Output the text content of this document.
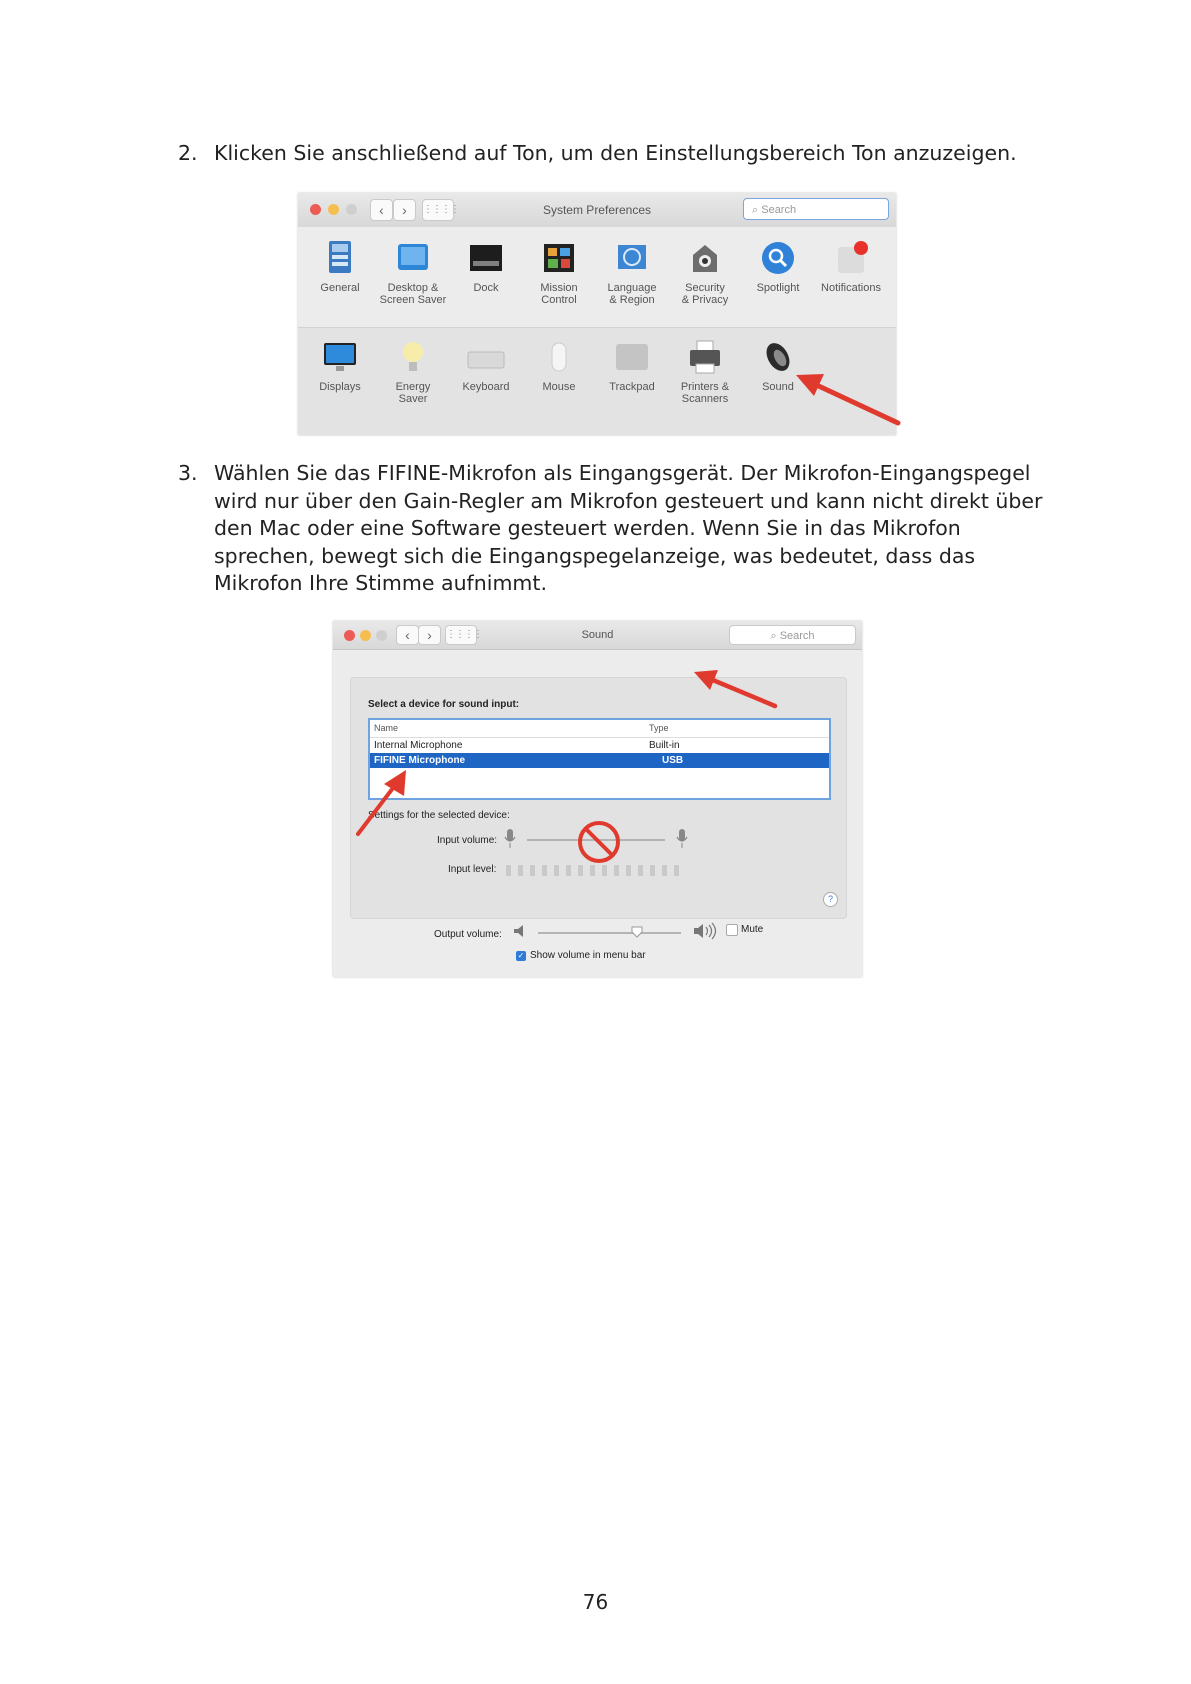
2. Klicken Sie anschließend auf Ton, um den Einstellungsbereich Ton anzuzeigen.
‹	›	⋮⋮⋮⋮	System Preferences	⌕ Search
General	Desktop &
Screen Saver
Dock	Mission
Control
Language
& Region
Security
& Privacy
Spotlight	Notifications
Displays	Energy
Saver
Keyboard	Mouse	Trackpad	Printers &
Scanners
Sound
3. Wählen Sie das FIFINE-Mikrofon als Eingangsgerät. Der Mikrofon-Eingangspegel wird nur über den Gain-Regler am Mikrofon gesteuert und kann nicht direkt über den Mac oder eine Software gesteuert werden. Wenn Sie in das Mikrofon sprechen, bewegt sich die Eingangspegelanzeige, was bedeutet, dass das Mikrofon Ihre Stimme aufnimmt.
‹	›	⋮⋮⋮⋮	Sound	⌕ Search
Select a device for sound input:
Name	Type
Internal Microphone	Built-in
FIFINE Microphone	USB
Settings for the selected device:
Input volume:
Input level:
?
Output volume:	Mute
✓ Show volume in menu bar
76
